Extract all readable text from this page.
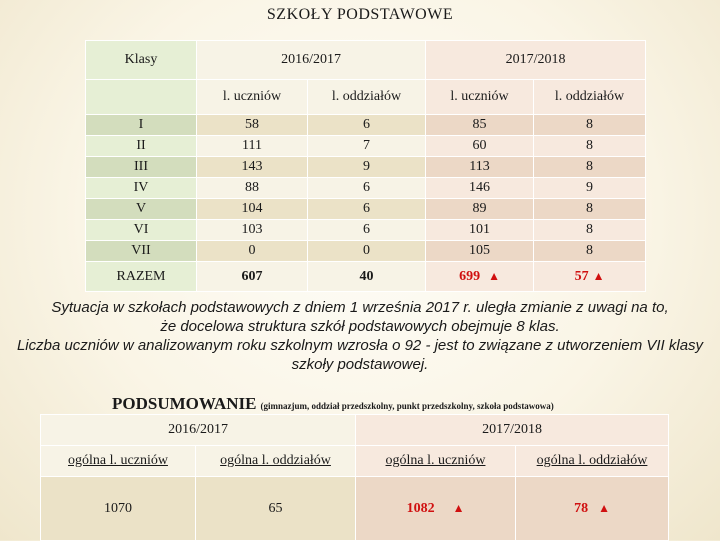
SZKOŁY PODSTAWOWE
Klasy	2016/2017		2017/2018	
	l. uczniów	l. oddziałów	l. uczniów	l. oddziałów
I	58	6	85	8
II	111	7	60	8
III	143	9	113	8
IV	88	6	146	9
V	104	6	89	8
VI	103	6	101	8
VII	0	0	105	8
RAZEM	607	40	699 ▲	57 ▲
Sytuacja w szkołach podstawowych z dniem 1 września 2017 r. uległa zmianie z uwagi na to,
że docelowa struktura szkół podstawowych obejmuje 8 klas.
Liczba uczniów w analizowanym roku szkolnym wzrosła o 92 - jest to związane z utworzeniem VII klasy
szkoły podstawowej.
PODSUMOWANIE (gimnazjum, oddział przedszkolny, punkt przedszkolny, szkoła podstawowa)
2016/2017		2017/2018	
ogólna l. uczniów	ogólna l. oddziałów	ogólna l. uczniów	ogólna l. oddziałów
1070	65	1082 ▲	78 ▲
